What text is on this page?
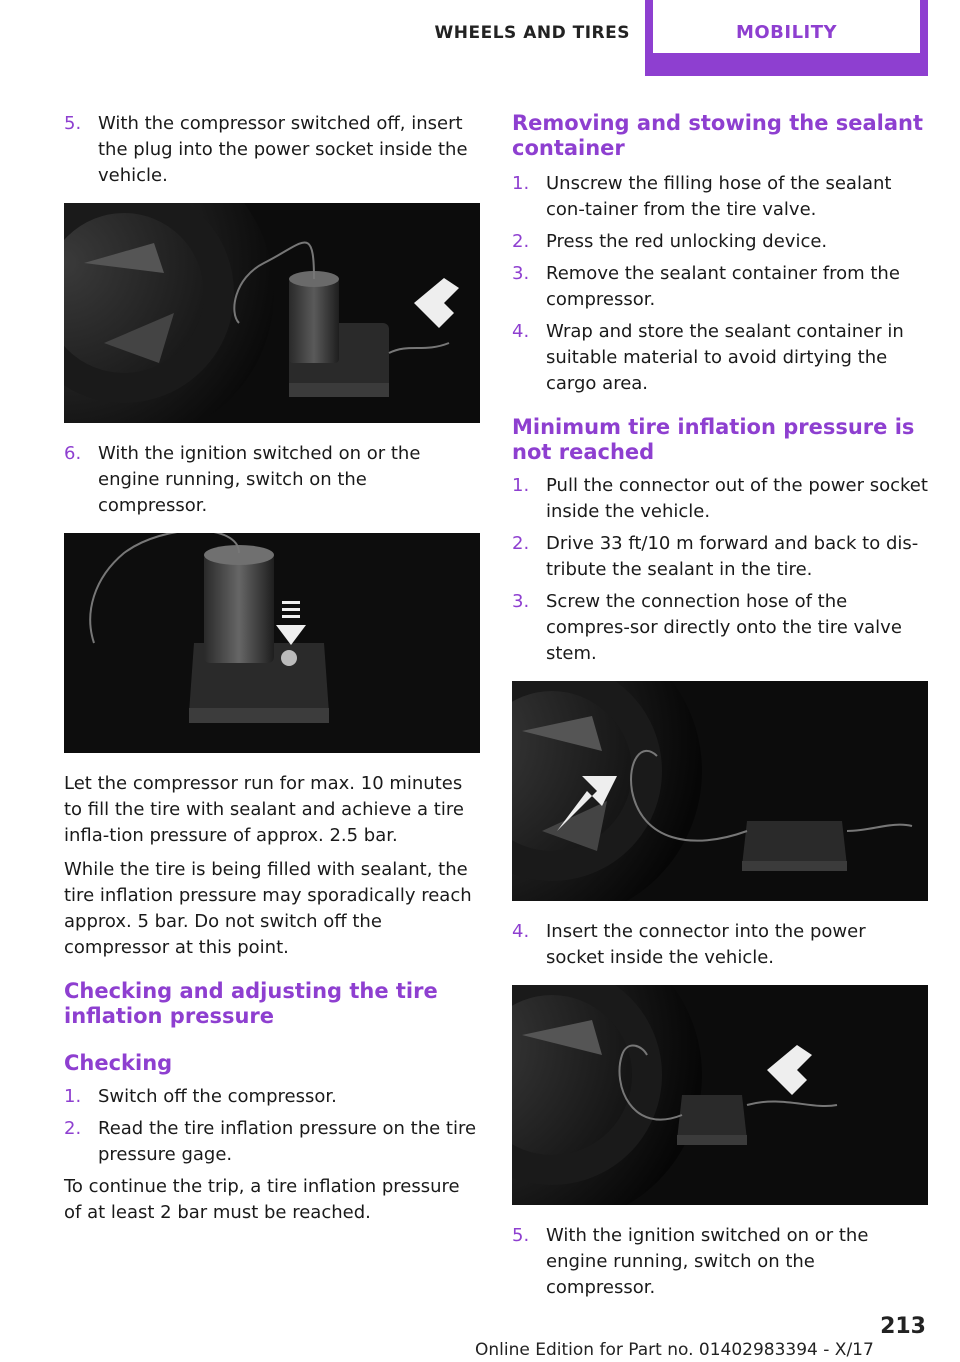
WHEELS AND TIRES	MOBILITY
5. With the compressor switched off, insert the plug into the power socket inside the vehicle.
6. With the ignition switched on or the engine running, switch on the compressor.

Let the compressor run for max. 10 minutes to fill the tire with sealant and achieve a tire infla‐tion pressure of approx. 2.5 bar.

While the tire is being filled with sealant, the tire inflation pressure may sporadically reach approx. 5 bar. Do not switch off the compressor at this point.

Checking and adjusting the tire inflation pressure
Checking
1. Switch off the compressor.
2. Read the tire inflation pressure on the tire pressure gage.

To continue the trip, a tire inflation pressure of at least 2 bar must be reached.

Removing and stowing the sealant container
1. Unscrew the filling hose of the sealant con‐tainer from the tire valve.
2. Press the red unlocking device.
3. Remove the sealant container from the compressor.
4. Wrap and store the sealant container in suitable material to avoid dirtying the cargo area.
Minimum tire inflation pressure is not reached
1. Pull the connector out of the power socket inside the vehicle.
2. Drive 33 ft/10 m forward and back to dis‐tribute the sealant in the tire.
3. Screw the connection hose of the compres‐sor directly onto the tire valve stem.
4. Insert the connector into the power socket inside the vehicle.
5. With the ignition switched on or the engine running, switch on the compressor.
213
Online Edition for Part no. 01402983394 - X/17
